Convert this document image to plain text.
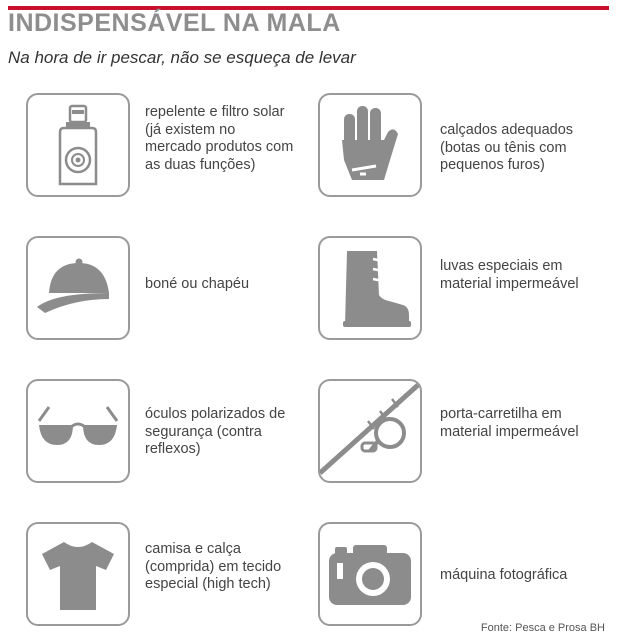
INDISPENSÁVEL NA MALA
Na hora de ir pescar, não se esqueça de levar
repelente e filtro solar (já existem no mercado produtos com as duas funções)
calçados adequados (botas ou tênis com pequenos furos)
boné ou chapéu
luvas especiais em material impermeável
óculos polarizados de segurança (contra reflexos)
porta-carretilha em material impermeável
camisa e calça (comprida) em tecido especial (high tech)
máquina fotográfica
Fonte: Pesca e Prosa BH
